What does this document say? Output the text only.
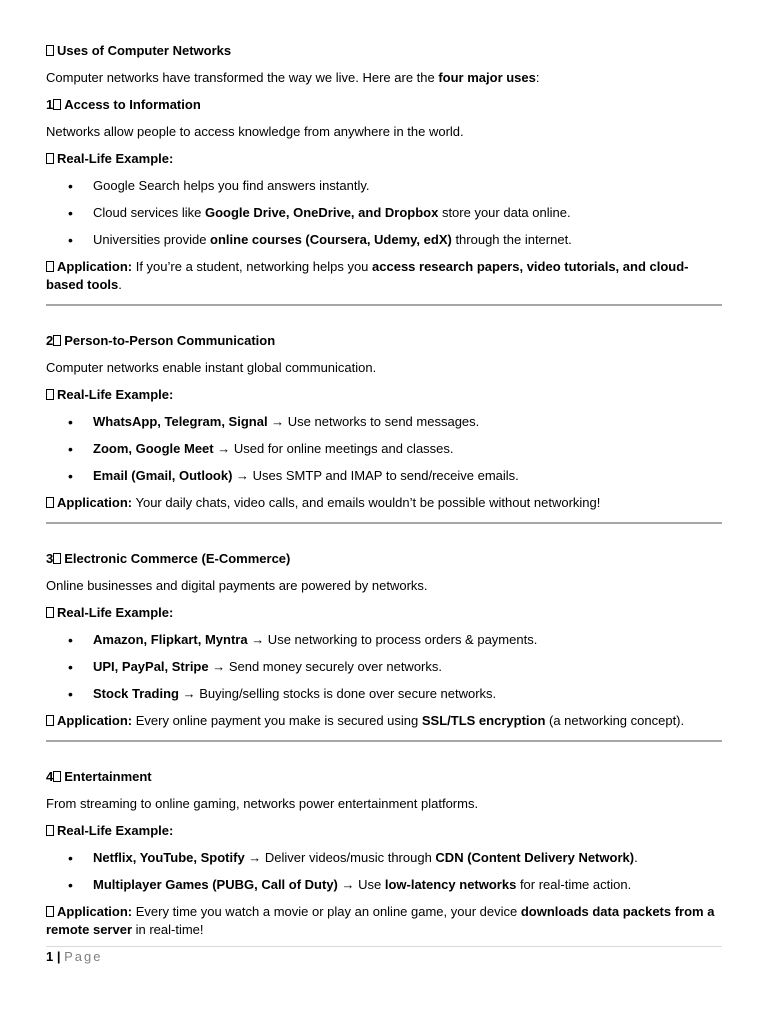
Uses of Computer Networks

Computer networks have transformed the way we live. Here are the four major uses:

1 Access to Information

Networks allow people to access knowledge from anywhere in the world.

Real-Life Example:

• Google Search helps you find answers instantly.
• Cloud services like Google Drive, OneDrive, and Dropbox store your data online.
• Universities provide online courses (Coursera, Udemy, edX) through the internet.

Application: If you’re a student, networking helps you access research papers, video tutorials, and cloud-based tools.

2 Person-to-Person Communication

Computer networks enable instant global communication.

Real-Life Example:

• WhatsApp, Telegram, Signal → Use networks to send messages.
• Zoom, Google Meet → Used for online meetings and classes.
• Email (Gmail, Outlook) → Uses SMTP and IMAP to send/receive emails.

Application: Your daily chats, video calls, and emails wouldn’t be possible without networking!

3 Electronic Commerce (E-Commerce)

Online businesses and digital payments are powered by networks.

Real-Life Example:

• Amazon, Flipkart, Myntra → Use networking to process orders & payments.
• UPI, PayPal, Stripe → Send money securely over networks.
• Stock Trading → Buying/selling stocks is done over secure networks.

Application: Every online payment you make is secured using SSL/TLS encryption (a networking concept).

4 Entertainment

From streaming to online gaming, networks power entertainment platforms.

Real-Life Example:

• Netflix, YouTube, Spotify → Deliver videos/music through CDN (Content Delivery Network).
• Multiplayer Games (PUBG, Call of Duty) → Use low-latency networks for real-time action.

Application: Every time you watch a movie or play an online game, your device downloads data packets from a remote server in real-time!

1 | Page
